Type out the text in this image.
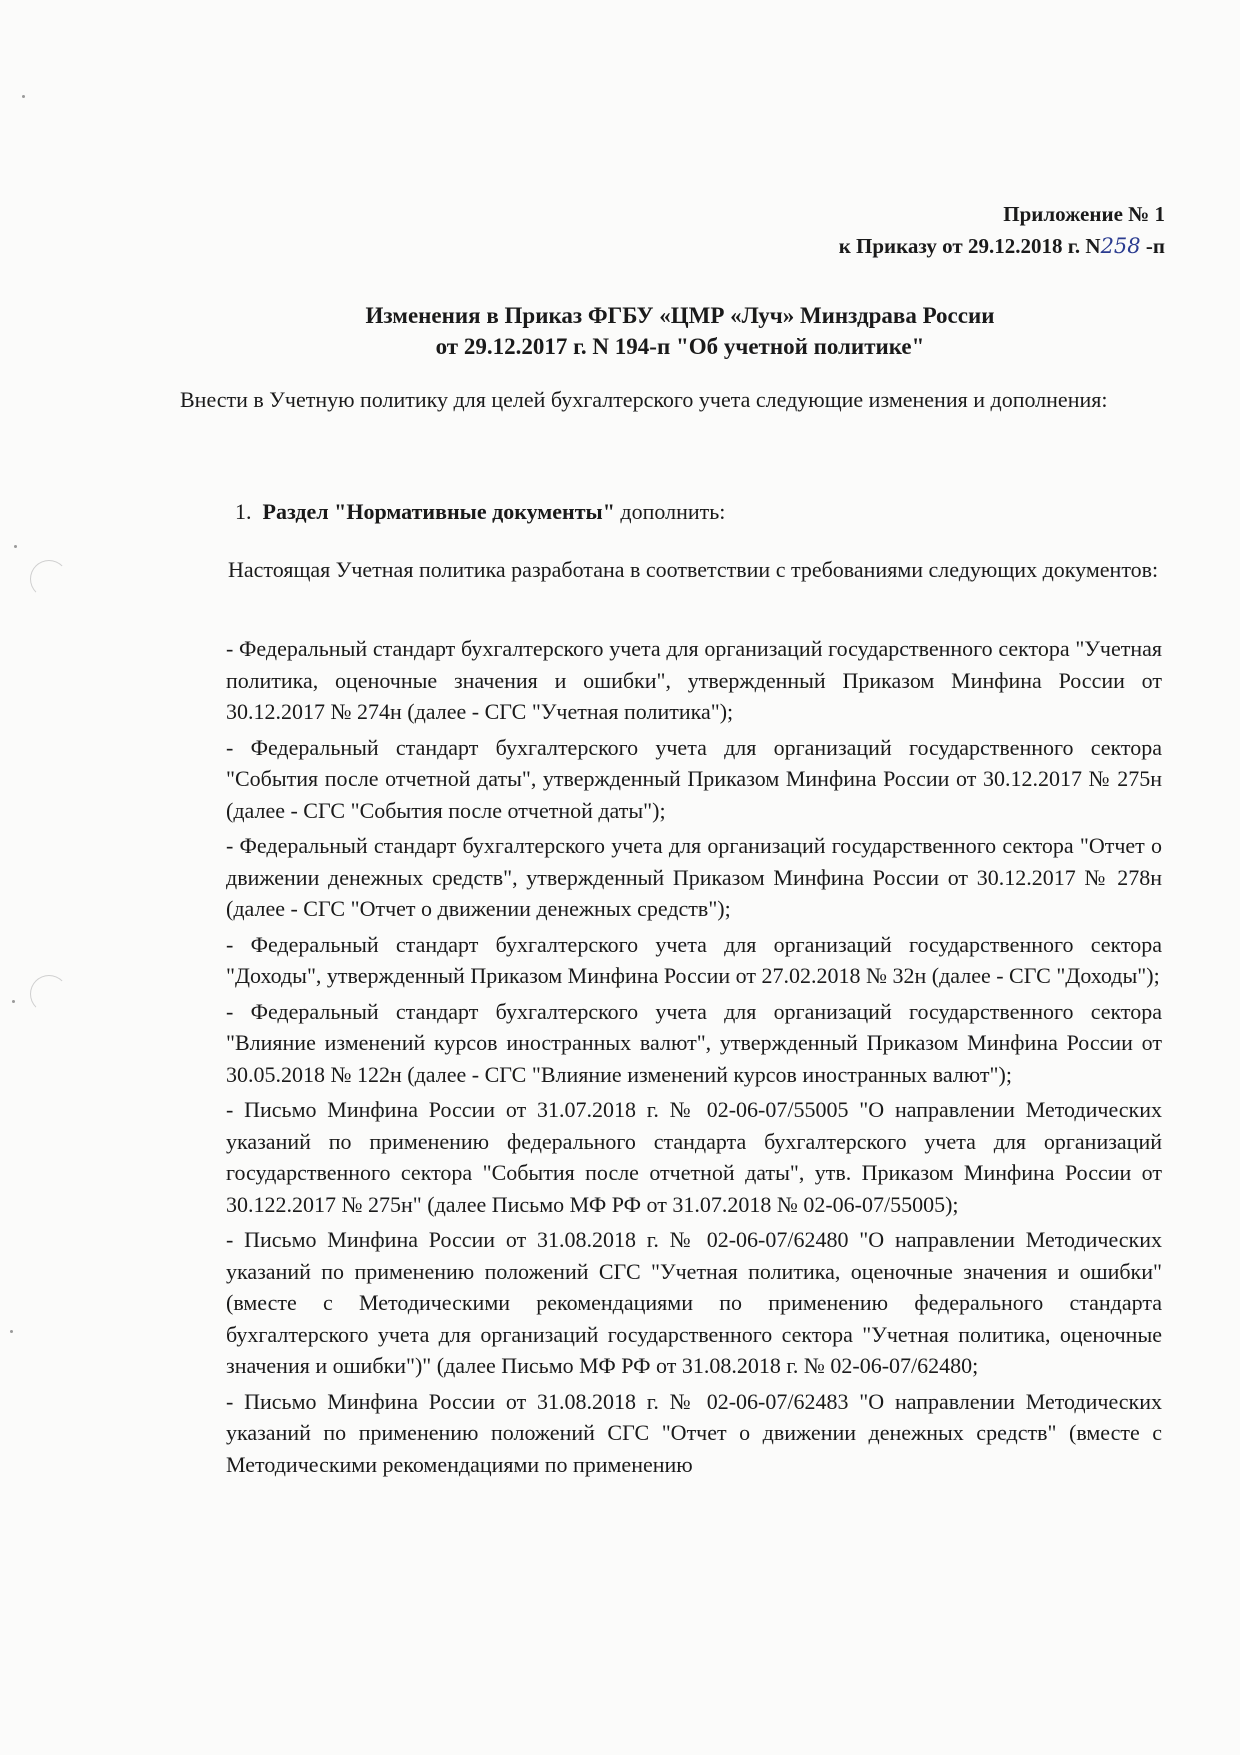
Приложение № 1
к Приказу от 29.12.2018 г. N258 -п
Изменения в Приказ ФГБУ «ЦМР «Луч» Минздрава России
от 29.12.2017 г. N 194-п "Об учетной политике"
Внести в Учетную политику для целей бухгалтерского учета следующие изменения и дополнения:
1. Раздел "Нормативные документы" дополнить:
Настоящая Учетная политика разработана в соответствии с требованиями следующих документов:
- Федеральный стандарт бухгалтерского учета для организаций государственного сектора "Учетная политика, оценочные значения и ошибки", утвержденный Приказом Минфина России от 30.12.2017 № 274н (далее - СГС "Учетная политика");
- Федеральный стандарт бухгалтерского учета для организаций государственного сектора "События после отчетной даты", утвержденный Приказом Минфина России от 30.12.2017 № 275н (далее - СГС "События после отчетной даты");
- Федеральный стандарт бухгалтерского учета для организаций государственного сектора "Отчет о движении денежных средств", утвержденный Приказом Минфина России от 30.12.2017 № 278н (далее - СГС "Отчет о движении денежных средств");
- Федеральный стандарт бухгалтерского учета для организаций государственного сектора "Доходы", утвержденный Приказом Минфина России от 27.02.2018 № 32н (далее - СГС "Доходы");
- Федеральный стандарт бухгалтерского учета для организаций государственного сектора "Влияние изменений курсов иностранных валют", утвержденный Приказом Минфина России от 30.05.2018 № 122н (далее - СГС "Влияние изменений курсов иностранных валют");
- Письмо Минфина России от 31.07.2018 г. № 02-06-07/55005 "О направлении Методических указаний по применению федерального стандарта бухгалтерского учета для организаций государственного сектора "События после отчетной даты", утв. Приказом Минфина России от 30.122.2017 № 275н" (далее Письмо МФ РФ от 31.07.2018 № 02-06-07/55005);
- Письмо Минфина России от 31.08.2018 г. № 02-06-07/62480 "О направлении Методических указаний по применению положений СГС "Учетная политика, оценочные значения и ошибки" (вместе с Методическими рекомендациями по применению федерального стандарта бухгалтерского учета для организаций государственного сектора "Учетная политика, оценочные значения и ошибки")" (далее Письмо МФ РФ от 31.08.2018 г. № 02-06-07/62480;
- Письмо Минфина России от 31.08.2018 г. № 02-06-07/62483 "О направлении Методических указаний по применению положений СГС "Отчет о движении денежных средств" (вместе с Методическими рекомендациями по применению
